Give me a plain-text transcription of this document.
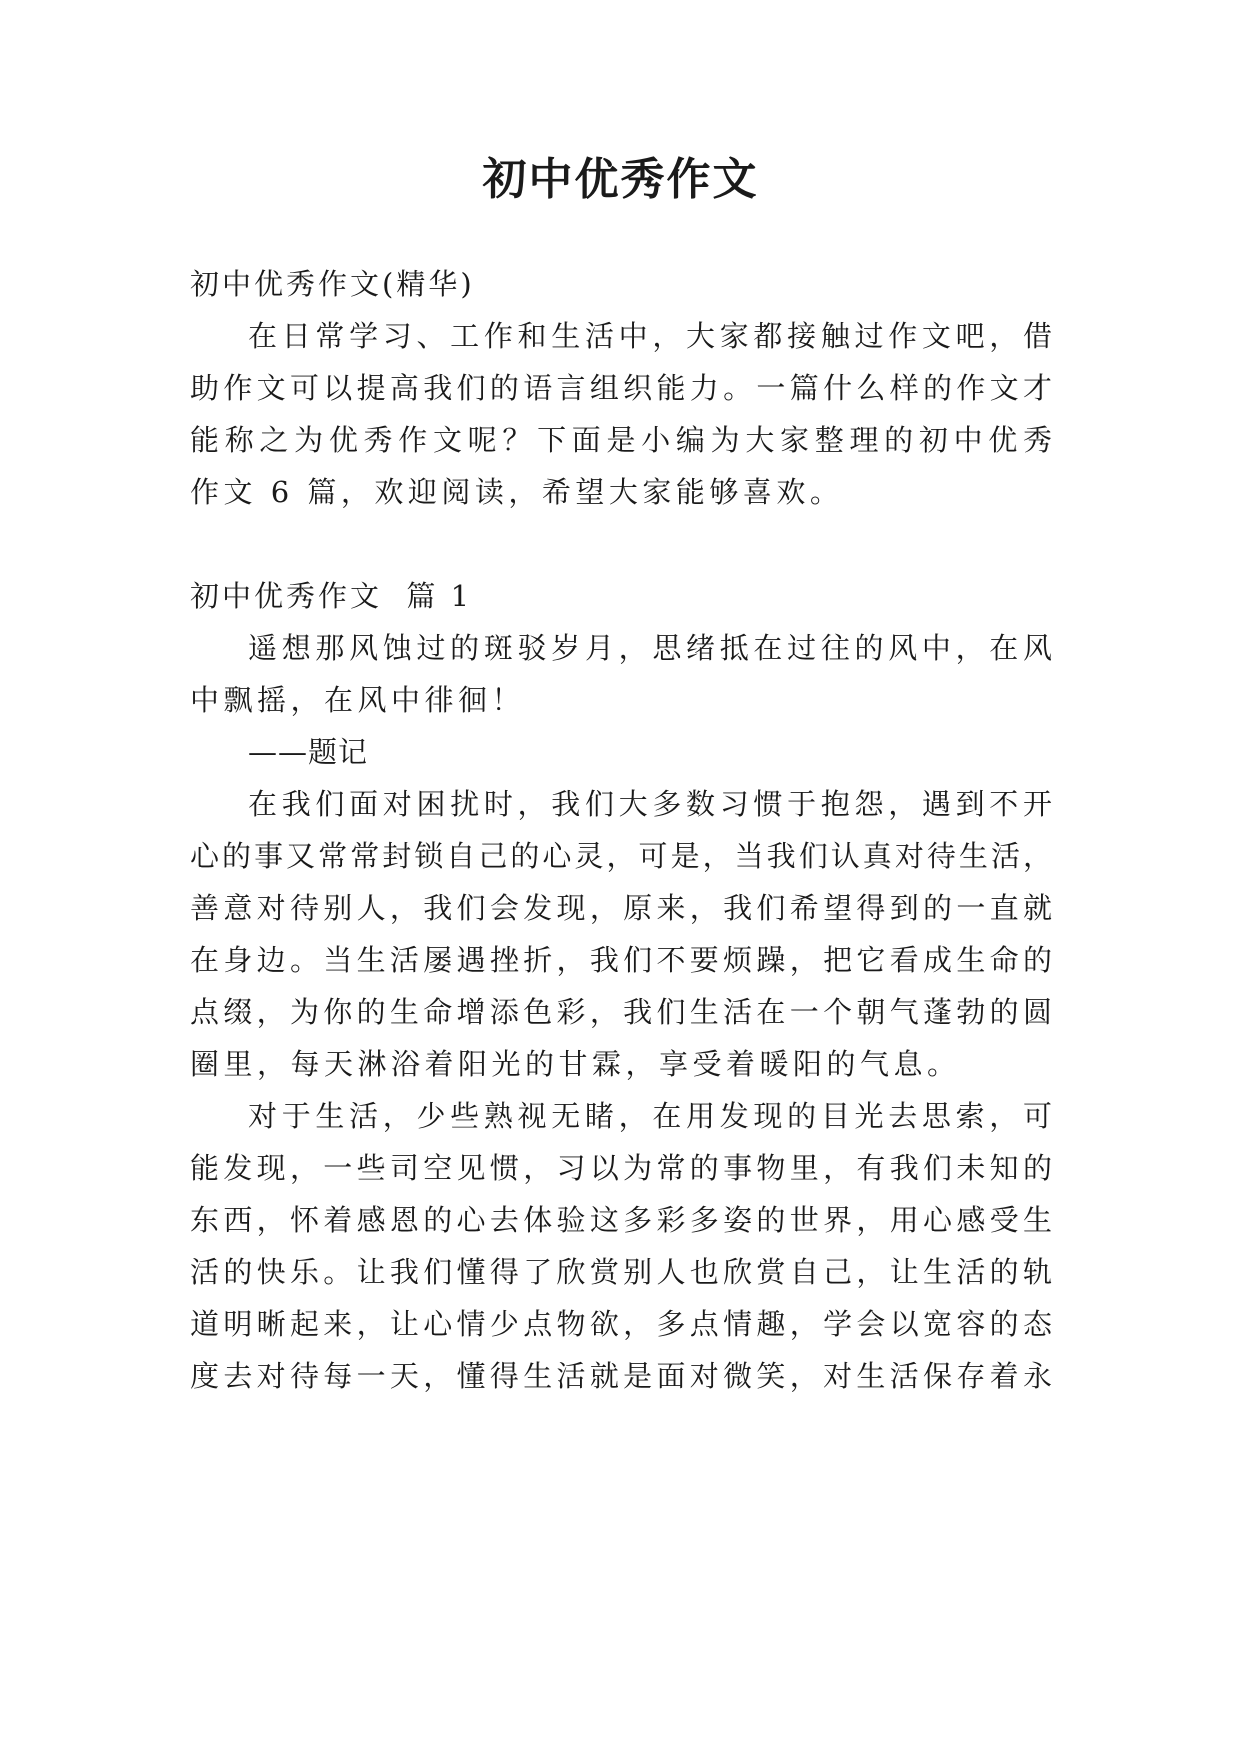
初中优秀作文
初中优秀作文(精华)
在日常学习、工作和生活中，大家都接触过作文吧，借
助作文可以提高我们的语言组织能力。一篇什么样的作文才
能称之为优秀作文呢？下面是小编为大家整理的初中优秀
作文 6 篇，欢迎阅读，希望大家能够喜欢。
初中优秀作文  篇 1
遥想那风蚀过的斑驳岁月，思绪抵在过往的风中，在风
中飘摇，在风中徘徊！
——题记
在我们面对困扰时，我们大多数习惯于抱怨，遇到不开
心的事又常常封锁自己的心灵，可是，当我们认真对待生活，
善意对待别人，我们会发现，原来，我们希望得到的一直就
在身边。当生活屡遇挫折，我们不要烦躁，把它看成生命的
点缀，为你的生命增添色彩，我们生活在一个朝气蓬勃的圆
圈里，每天淋浴着阳光的甘霖，享受着暖阳的气息。
对于生活，少些熟视无睹，在用发现的目光去思索，可
能发现，一些司空见惯，习以为常的事物里，有我们未知的
东西，怀着感恩的心去体验这多彩多姿的世界，用心感受生
活的快乐。让我们懂得了欣赏别人也欣赏自己，让生活的轨
道明晰起来，让心情少点物欲，多点情趣，学会以宽容的态
度去对待每一天，懂得生活就是面对微笑，对生活保存着永
